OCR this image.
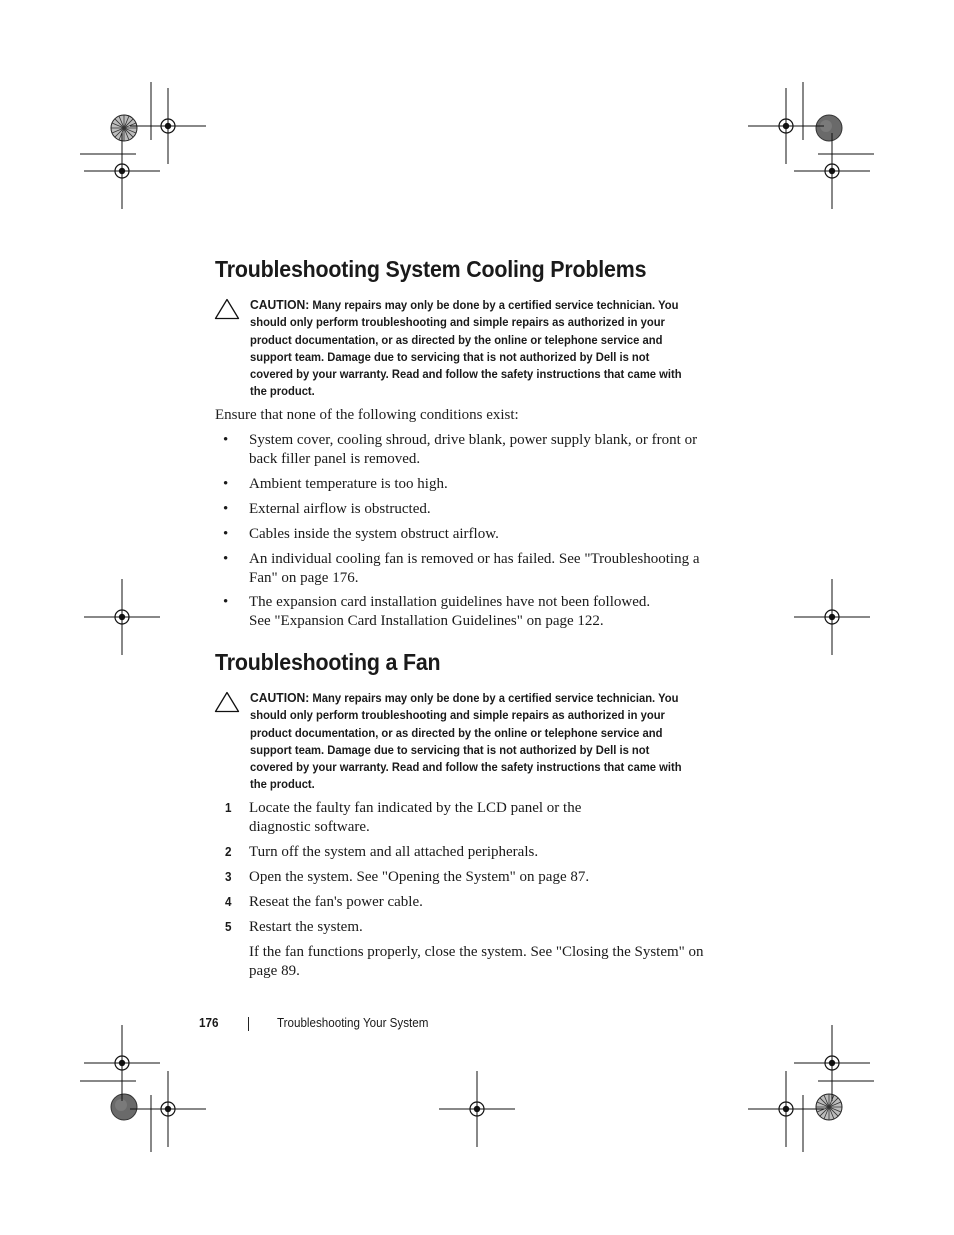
Troubleshooting System Cooling Problems
CAUTION: Many repairs may only be done by a certified service technician. You should only perform troubleshooting and simple repairs as authorized in your product documentation, or as directed by the online or telephone service and support team. Damage due to servicing that is not authorized by Dell is not covered by your warranty. Read and follow the safety instructions that came with the product.
Ensure that none of the following conditions exist:
• System cover, cooling shroud, drive blank, power supply blank, or front or back filler panel is removed.
• Ambient temperature is too high.
• External airflow is obstructed.
• Cables inside the system obstruct airflow.
• An individual cooling fan is removed or has failed. See "Troubleshooting a Fan" on page 176.
• The expansion card installation guidelines have not been followed. See "Expansion Card Installation Guidelines" on page 122.
Troubleshooting a Fan
CAUTION: Many repairs may only be done by a certified service technician. You should only perform troubleshooting and simple repairs as authorized in your product documentation, or as directed by the online or telephone service and support team. Damage due to servicing that is not authorized by Dell is not covered by your warranty. Read and follow the safety instructions that came with the product.
1	Locate the faulty fan indicated by the LCD panel or the diagnostic software.
2	Turn off the system and all attached peripherals.
3	Open the system. See "Opening the System" on page 87.
4	Reseat the fan's power cable.
5	Restart the system.
If the fan functions properly, close the system. See "Closing the System" on page 89.
176	Troubleshooting Your System
